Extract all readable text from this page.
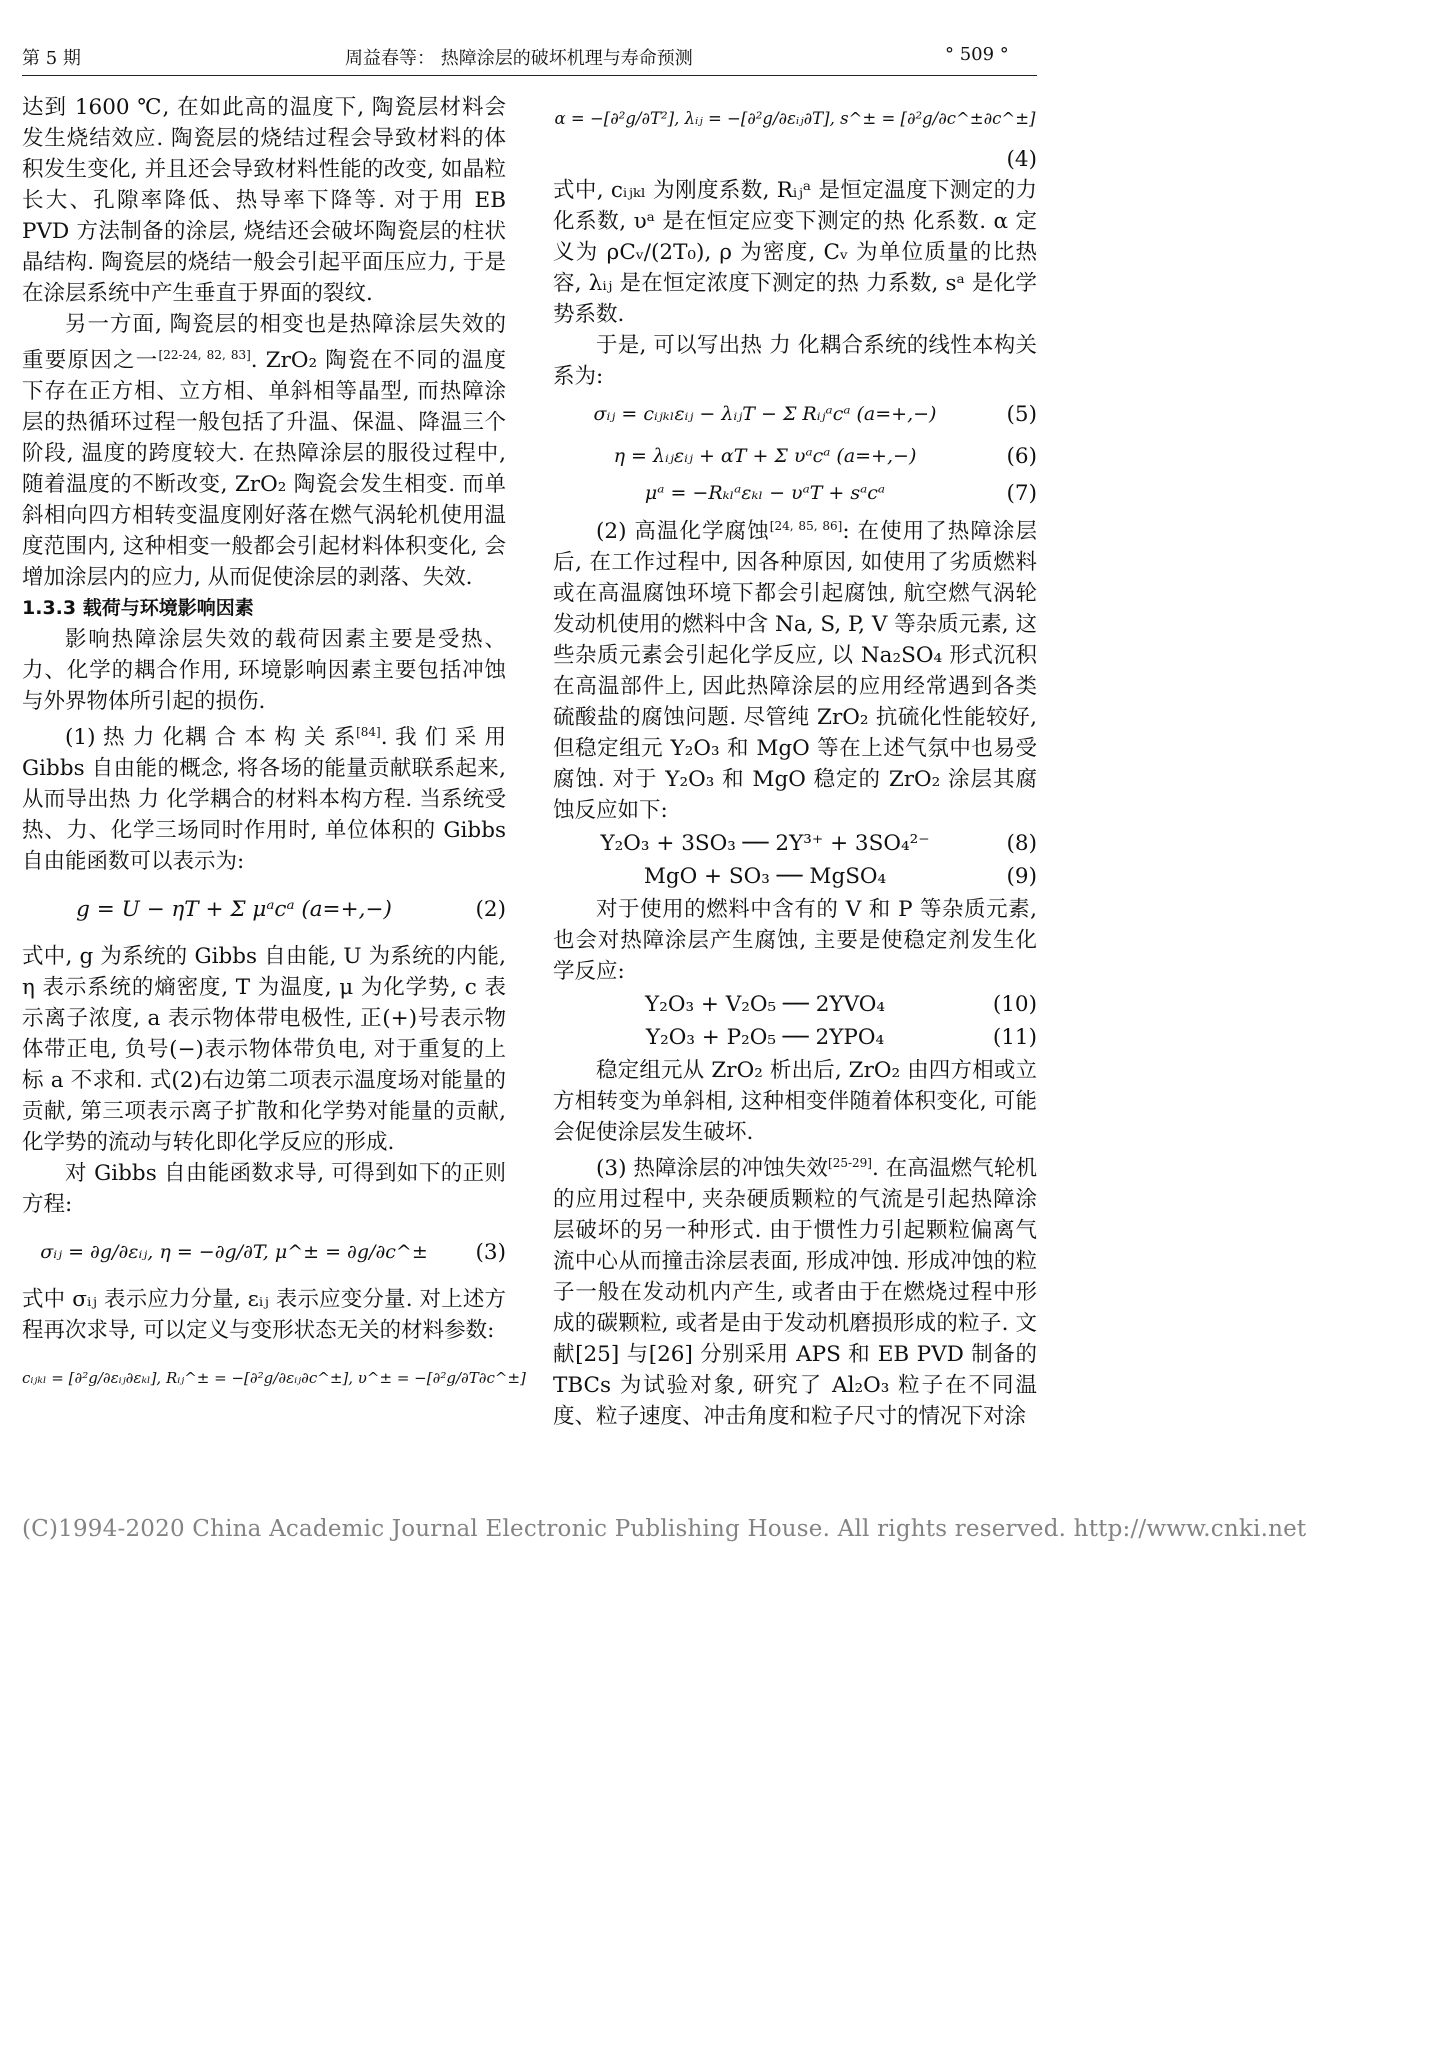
第 5 期	周益春等： 热障涂层的破坏机理与寿命预测	° 509 °

达到 1600 ℃, 在如此高的温度下, 陶瓷层材料会发生烧结效应. 陶瓷层的烧结过程会导致材料的体积发生变化, 并且还会导致材料性能的改变, 如晶粒长大、孔隙率降低、热导率下降等. 对于用 EB PVD 方法制备的涂层, 烧结还会破坏陶瓷层的柱状晶结构. 陶瓷层的烧结一般会引起平面压应力, 于是在涂层系统中产生垂直于界面的裂纹.

另一方面, 陶瓷层的相变也是热障涂层失效的重要原因之一[22-24, 82, 83]. ZrO₂ 陶瓷在不同的温度下存在正方相、立方相、单斜相等晶型, 而热障涂层的热循环过程一般包括了升温、保温、降温三个阶段, 温度的跨度较大. 在热障涂层的服役过程中, 随着温度的不断改变, ZrO₂ 陶瓷会发生相变. 而单斜相向四方相转变温度刚好落在燃气涡轮机使用温度范围内, 这种相变一般都会引起材料体积变化, 会增加涂层内的应力, 从而促使涂层的剥落、失效.

1.3.3 载荷与环境影响因素

影响热障涂层失效的载荷因素主要是受热、力、化学的耦合作用, 环境影响因素主要包括冲蚀与外界物体所引起的损伤.

(1) 热 力 化耦 合 本 构 关 系[84]. 我 们 采 用 Gibbs 自由能的概念, 将各场的能量贡献联系起来, 从而导出热 力 化学耦合的材料本构方程. 当系统受热、力、化学三场同时作用时, 单位体积的 Gibbs 自由能函数可以表示为:

g = U − ηT + Σ μᵃcᵃ (a=+,−)	(2)

式中, g 为系统的 Gibbs 自由能, U 为系统的内能, η 表示系统的熵密度, T 为温度, μ 为化学势, c 表示离子浓度, a 表示物体带电极性, 正(+)号表示物体带正电, 负号(−)表示物体带负电, 对于重复的上标 a 不求和. 式(2)右边第二项表示温度场对能量的贡献, 第三项表示离子扩散和化学势对能量的贡献, 化学势的流动与转化即化学反应的形成.

对 Gibbs 自由能函数求导, 可得到如下的正则方程:

σᵢⱼ = ∂g/∂εᵢⱼ, η = −∂g/∂T, μ^± = ∂g/∂c^±	(3)

式中 σᵢⱼ 表示应力分量, εᵢⱼ 表示应变分量. 对上述方程再次求导, 可以定义与变形状态无关的材料参数:

cᵢⱼₖₗ = [∂²g/∂εᵢⱼ∂εₖₗ], Rᵢⱼ^± = −[∂²g/∂εᵢⱼ∂c^±], υ^± = −[∂²g/∂T∂c^±]
α = −[∂²g/∂T²], λᵢⱼ = −[∂²g/∂εᵢⱼ∂T], s^± = [∂²g/∂c^±∂c^±]
(4)

式中, cᵢⱼₖₗ 为刚度系数, Rᵢⱼᵃ 是恒定温度下测定的力 化系数, υᵃ 是在恒定应变下测定的热 化系数. α 定义为 ρCᵥ/(2T₀), ρ 为密度, Cᵥ 为单位质量的比热容, λᵢⱼ 是在恒定浓度下测定的热 力系数, sᵃ 是化学势系数.

于是, 可以写出热 力 化耦合系统的线性本构关系为:

σᵢⱼ = cᵢⱼₖₗεᵢⱼ − λᵢⱼT − Σ Rᵢⱼᵃcᵃ (a=+,−)	(5)
η = λᵢⱼεᵢⱼ + αT + Σ υᵃcᵃ (a=+,−)	(6)
μᵃ = −Rₖₗᵃεₖₗ − υᵃT + sᵃcᵃ	(7)

(2) 高温化学腐蚀[24, 85, 86]: 在使用了热障涂层后, 在工作过程中, 因各种原因, 如使用了劣质燃料或在高温腐蚀环境下都会引起腐蚀, 航空燃气涡轮发动机使用的燃料中含 Na, S, P, V 等杂质元素, 这些杂质元素会引起化学反应, 以 Na₂SO₄ 形式沉积在高温部件上, 因此热障涂层的应用经常遇到各类硫酸盐的腐蚀问题. 尽管纯 ZrO₂ 抗硫化性能较好, 但稳定组元 Y₂O₃ 和 MgO 等在上述气氛中也易受腐蚀. 对于 Y₂O₃ 和 MgO 稳定的 ZrO₂ 涂层其腐蚀反应如下:

Y₂O₃ + 3SO₃ ── 2Y³⁺ + 3SO₄²⁻	(8)
MgO + SO₃ ── MgSO₄	(9)

对于使用的燃料中含有的 V 和 P 等杂质元素, 也会对热障涂层产生腐蚀, 主要是使稳定剂发生化学反应:

Y₂O₃ + V₂O₅ ── 2YVO₄	(10)
Y₂O₃ + P₂O₅ ── 2YPO₄	(11)

稳定组元从 ZrO₂ 析出后, ZrO₂ 由四方相或立方相转变为单斜相, 这种相变伴随着体积变化, 可能会促使涂层发生破坏.

(3) 热障涂层的冲蚀失效[25-29]. 在高温燃气轮机的应用过程中, 夹杂硬质颗粒的气流是引起热障涂层破坏的另一种形式. 由于惯性力引起颗粒偏离气流中心从而撞击涂层表面, 形成冲蚀. 形成冲蚀的粒子一般在发动机内产生, 或者由于在燃烧过程中形成的碳颗粒, 或者是由于发动机磨损形成的粒子. 文献[25] 与[26] 分别采用 APS 和 EB PVD 制备的 TBCs 为试验对象, 研究了 Al₂O₃ 粒子在不同温度、粒子速度、冲击角度和粒子尺寸的情况下对涂

(C)1994-2020 China Academic Journal Electronic Publishing House. All rights reserved. http://www.cnki.net
